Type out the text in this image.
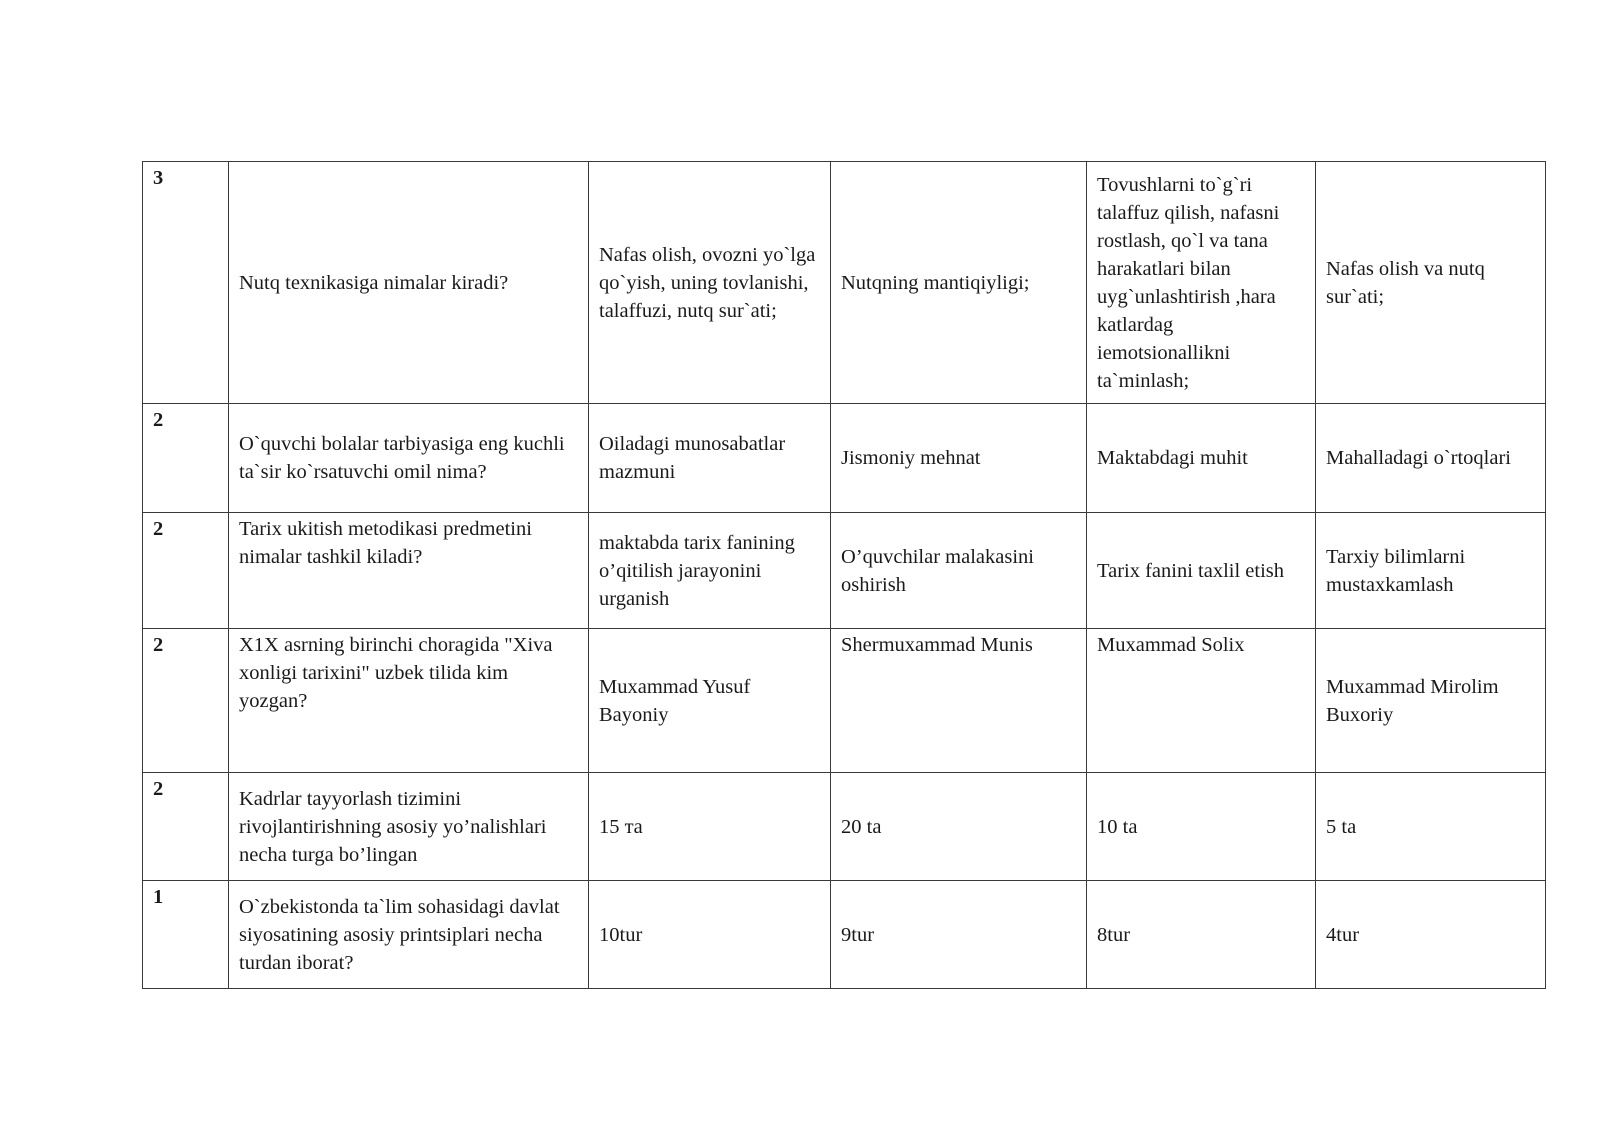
3	Nutq texnikasiga nimalar kiradi?	Nafas olish, ovozni yo`lga qo`yish, uning tovlanishi, talaffuzi, nutq sur`ati;	Nutqning mantiqiyligi;	Tovushlarni to`g`ri talaffuz qilish, nafasni rostlash, qo`l va tana harakatlari bilan uyg`unlashtirish ,hara katlardag iemotsionallikni ta`minlash;	Nafas olish va nutq sur`ati;
2	O`quvchi bolalar tarbiyasiga eng kuchli ta`sir ko`rsatuvchi omil nima?	Oiladagi munosabatlar mazmuni	Jismoniy mehnat	Maktabdagi muhit	Mahalladagi o`rtoqlari
2	Tarix ukitish metodikasi predmetini nimalar tashkil kiladi?	maktabda tarix fanining o’qitilish jarayonini urganish	O’quvchilar malakasini oshirish	Tarix fanini taxlil etish	Tarxiy bilimlarni mustaxkamlash
2	X1X asrning birinchi choragida "Xiva xonligi tarixini" uzbek tilida kim yozgan?	Muxammad Yusuf Bayoniy	Shermuxammad Munis	Muxammad Solix	Muxammad Mirolim Buxoriy
2	Kadrlar tayyorlash tizimini rivojlantirishning asosiy yo’nalishlari necha turga bo’lingan	15 тa	20 ta	10 ta	5 ta
1	O`zbekistonda ta`lim sohasidagi davlat siyosatining asosiy printsiplari necha turdan iborat?	10tur	9tur	8tur	4tur
